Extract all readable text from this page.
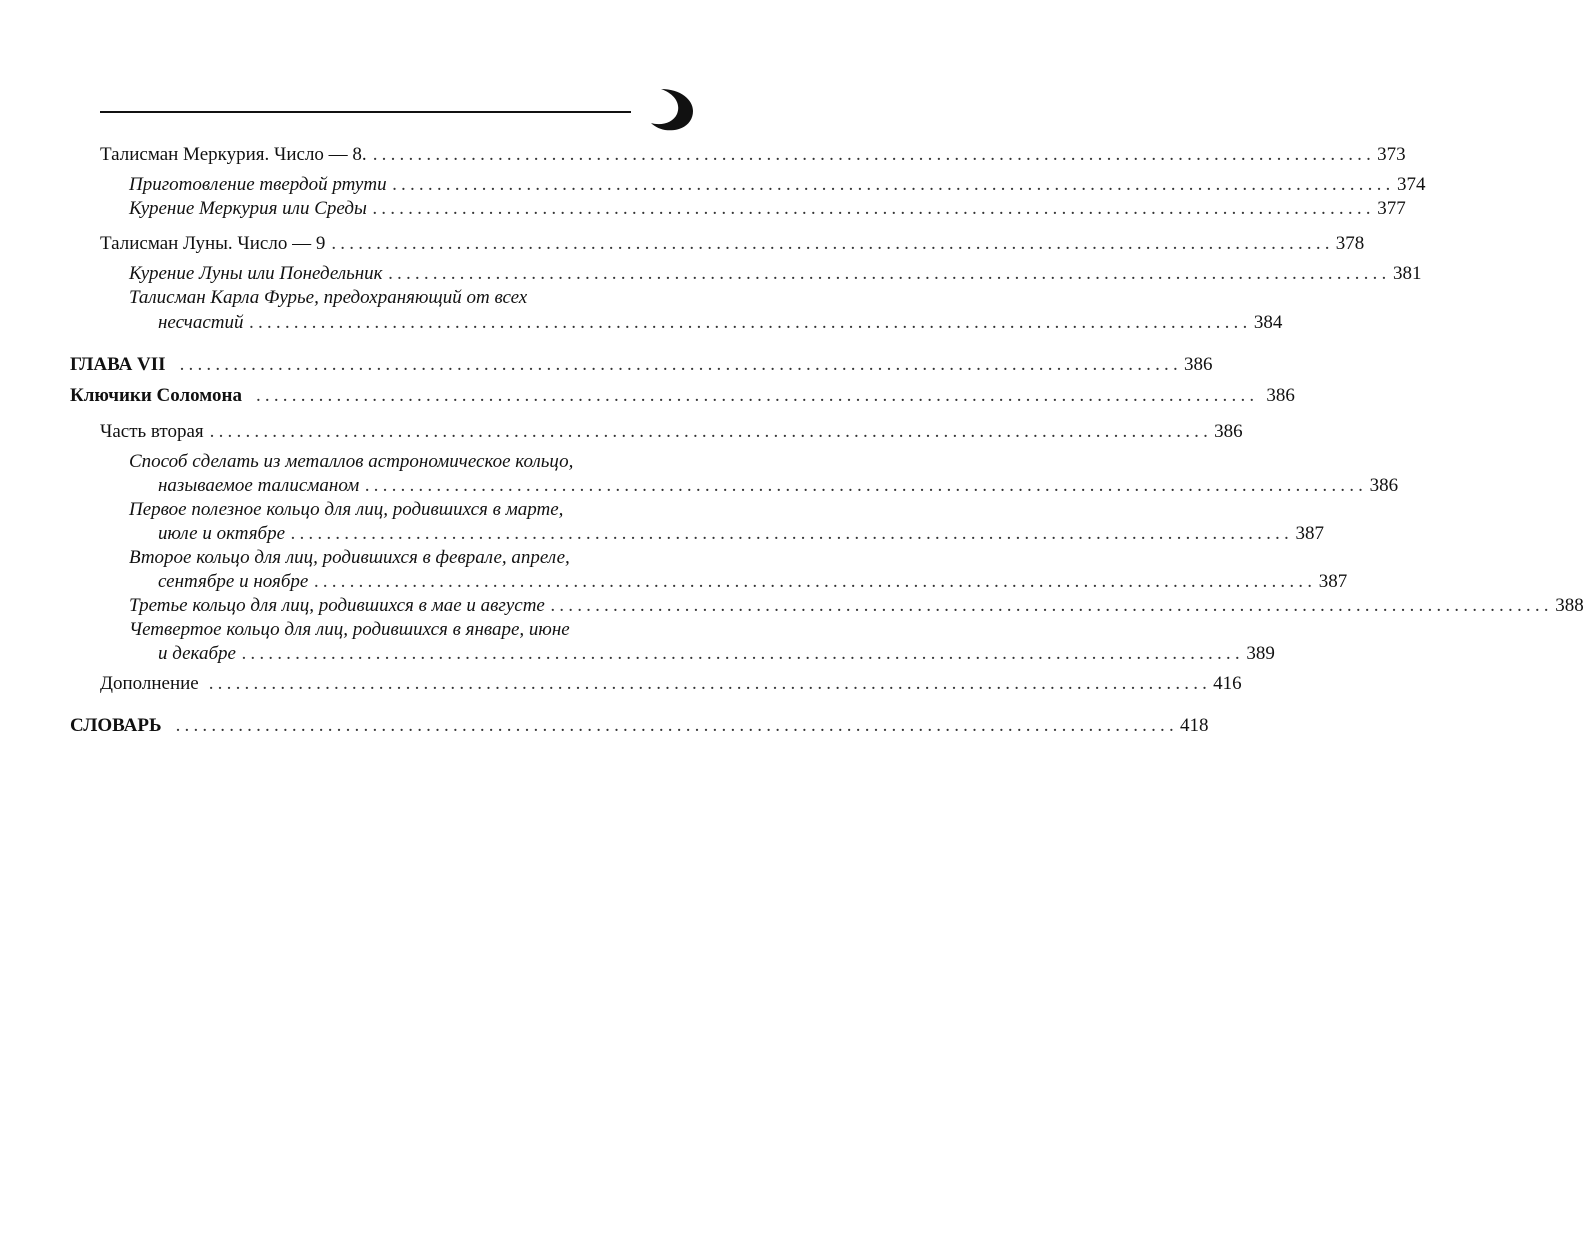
Талисман Меркурия. Число — 8. ................................................................................................................ 373
Приготовление твердой ртути ................................................................................................................ 374
Курение Меркурия или Среды ................................................................................................................ 377
Талисман Луны. Число — 9 ................................................................................................................ 378
Курение Луны или Понедельник ................................................................................................................ 381
Талисман Карла Фурье, предохраняющий от всех
несчастий ................................................................................................................ 384
ГЛАВА VII ................................................................................................................ 386
Ключики Соломона ................................................................................................................ 386
Часть вторая ................................................................................................................ 386
Способ сделать из металлов астрономическое кольцо,
называемое талисманом ................................................................................................................ 386
Первое полезное кольцо для лиц, родившихся в марте,
июле и октябре ................................................................................................................ 387
Второе кольцо для лиц, родившихся в феврале, апреле,
сентябре и ноябре ................................................................................................................ 387
Третье кольцо для лиц, родившихся в мае и августе ................................................................................................................ 388
Четвертое кольцо для лиц, родившихся в январе, июне
и декабре ................................................................................................................ 389
Дополнение ................................................................................................................ 416
СЛОВАРЬ ................................................................................................................ 418
